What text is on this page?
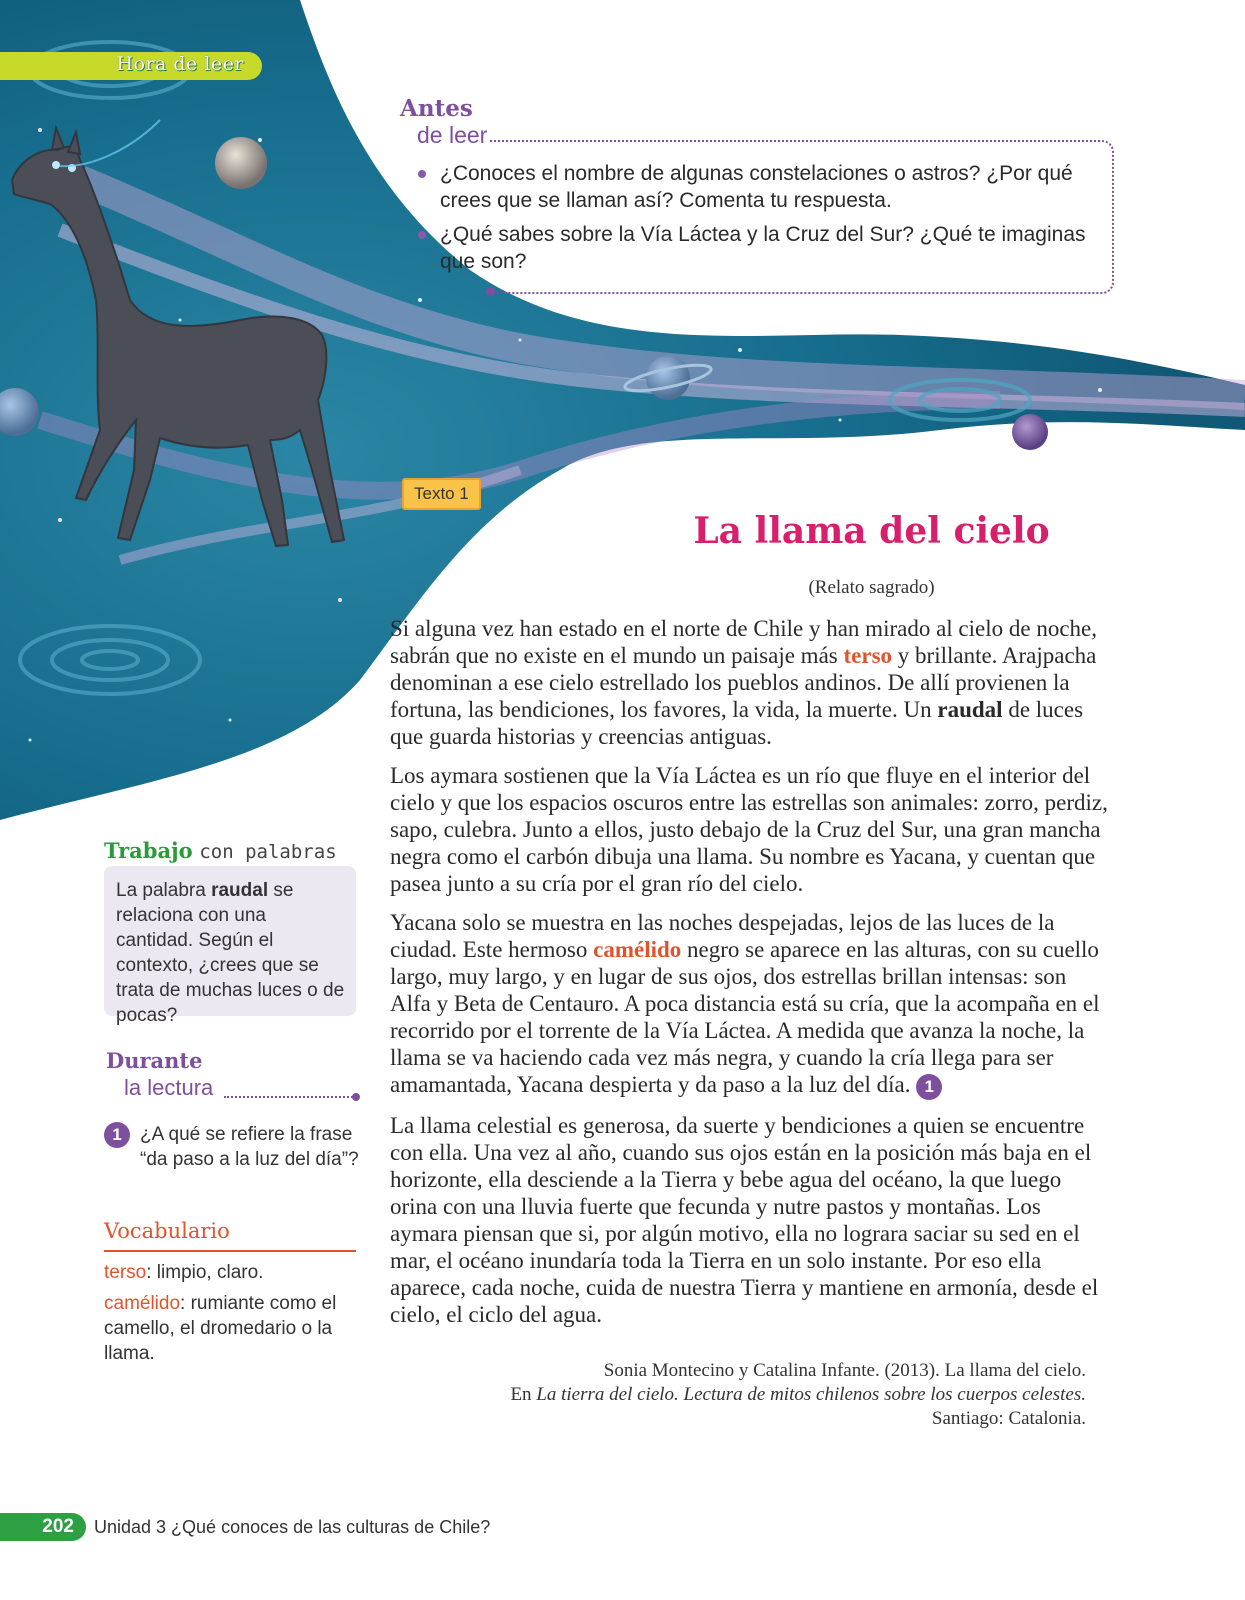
Hora de leer
Antes
de leer
¿Conoces el nombre de algunas constelaciones o astros? ¿Por qué crees que se llaman así? Comenta tu respuesta.
¿Qué sabes sobre la Vía Láctea y la Cruz del Sur? ¿Qué te imaginas que son?
Texto 1
La llama del cielo
(Relato sagrado)

Si alguna vez han estado en el norte de Chile y han mirado al cielo de noche, sabrán que no existe en el mundo un paisaje más terso y brillante. Arajpacha denominan a ese cielo estrellado los pueblos andinos. De allí provienen la fortuna, las bendiciones, los favores, la vida, la muerte. Un raudal de luces que guarda historias y creencias antiguas.

Los aymara sostienen que la Vía Láctea es un río que fluye en el interior del cielo y que los espacios oscuros entre las estrellas son animales: zorro, perdiz, sapo, culebra. Junto a ellos, justo debajo de la Cruz del Sur, una gran mancha negra como el carbón dibuja una llama. Su nombre es Yacana, y cuentan que pasea junto a su cría por el gran río del cielo.

Yacana solo se muestra en las noches despejadas, lejos de las luces de la ciudad. Este hermoso camélido negro se aparece en las alturas, con su cuello largo, muy largo, y en lugar de sus ojos, dos estrellas brillan intensas: son Alfa y Beta de Centauro. A poca distancia está su cría, que la acompaña en el recorrido por el torrente de la Vía Láctea. A medida que avanza la noche, la llama se va haciendo cada vez más negra, y cuando la cría llega para ser amamantada, Yacana despierta y da paso a la luz del día. 1

La llama celestial es generosa, da suerte y bendiciones a quien se encuentre con ella. Una vez al año, cuando sus ojos están en la posición más baja en el horizonte, ella desciende a la Tierra y bebe agua del océano, la que luego orina con una lluvia fuerte que fecunda y nutre pastos y montañas. Los aymara piensan que si, por algún motivo, ella no lograra saciar su sed en el mar, el océano inundaría toda la Tierra en un solo instante. Por eso ella aparece, cada noche, cuida de nuestra Tierra y mantiene en armonía, desde el cielo, el ciclo del agua.

Trabajo con palabras
La palabra raudal se relaciona con una cantidad. Según el contexto, ¿crees que se trata de muchas luces o de pocas?
Durante
la lectura
1 ¿A qué se refiere la frase “da paso a la luz del día”?
Vocabulario

terso: limpio, claro.

camélido: rumiante como el camello, el dromedario o la llama.

Sonia Montecino y Catalina Infante. (2013). La llama del cielo.
En La tierra del cielo. Lectura de mitos chilenos sobre los cuerpos celestes. Santiago: Catalonia.
202	Unidad 3 ¿Qué conoces de las culturas de Chile?
